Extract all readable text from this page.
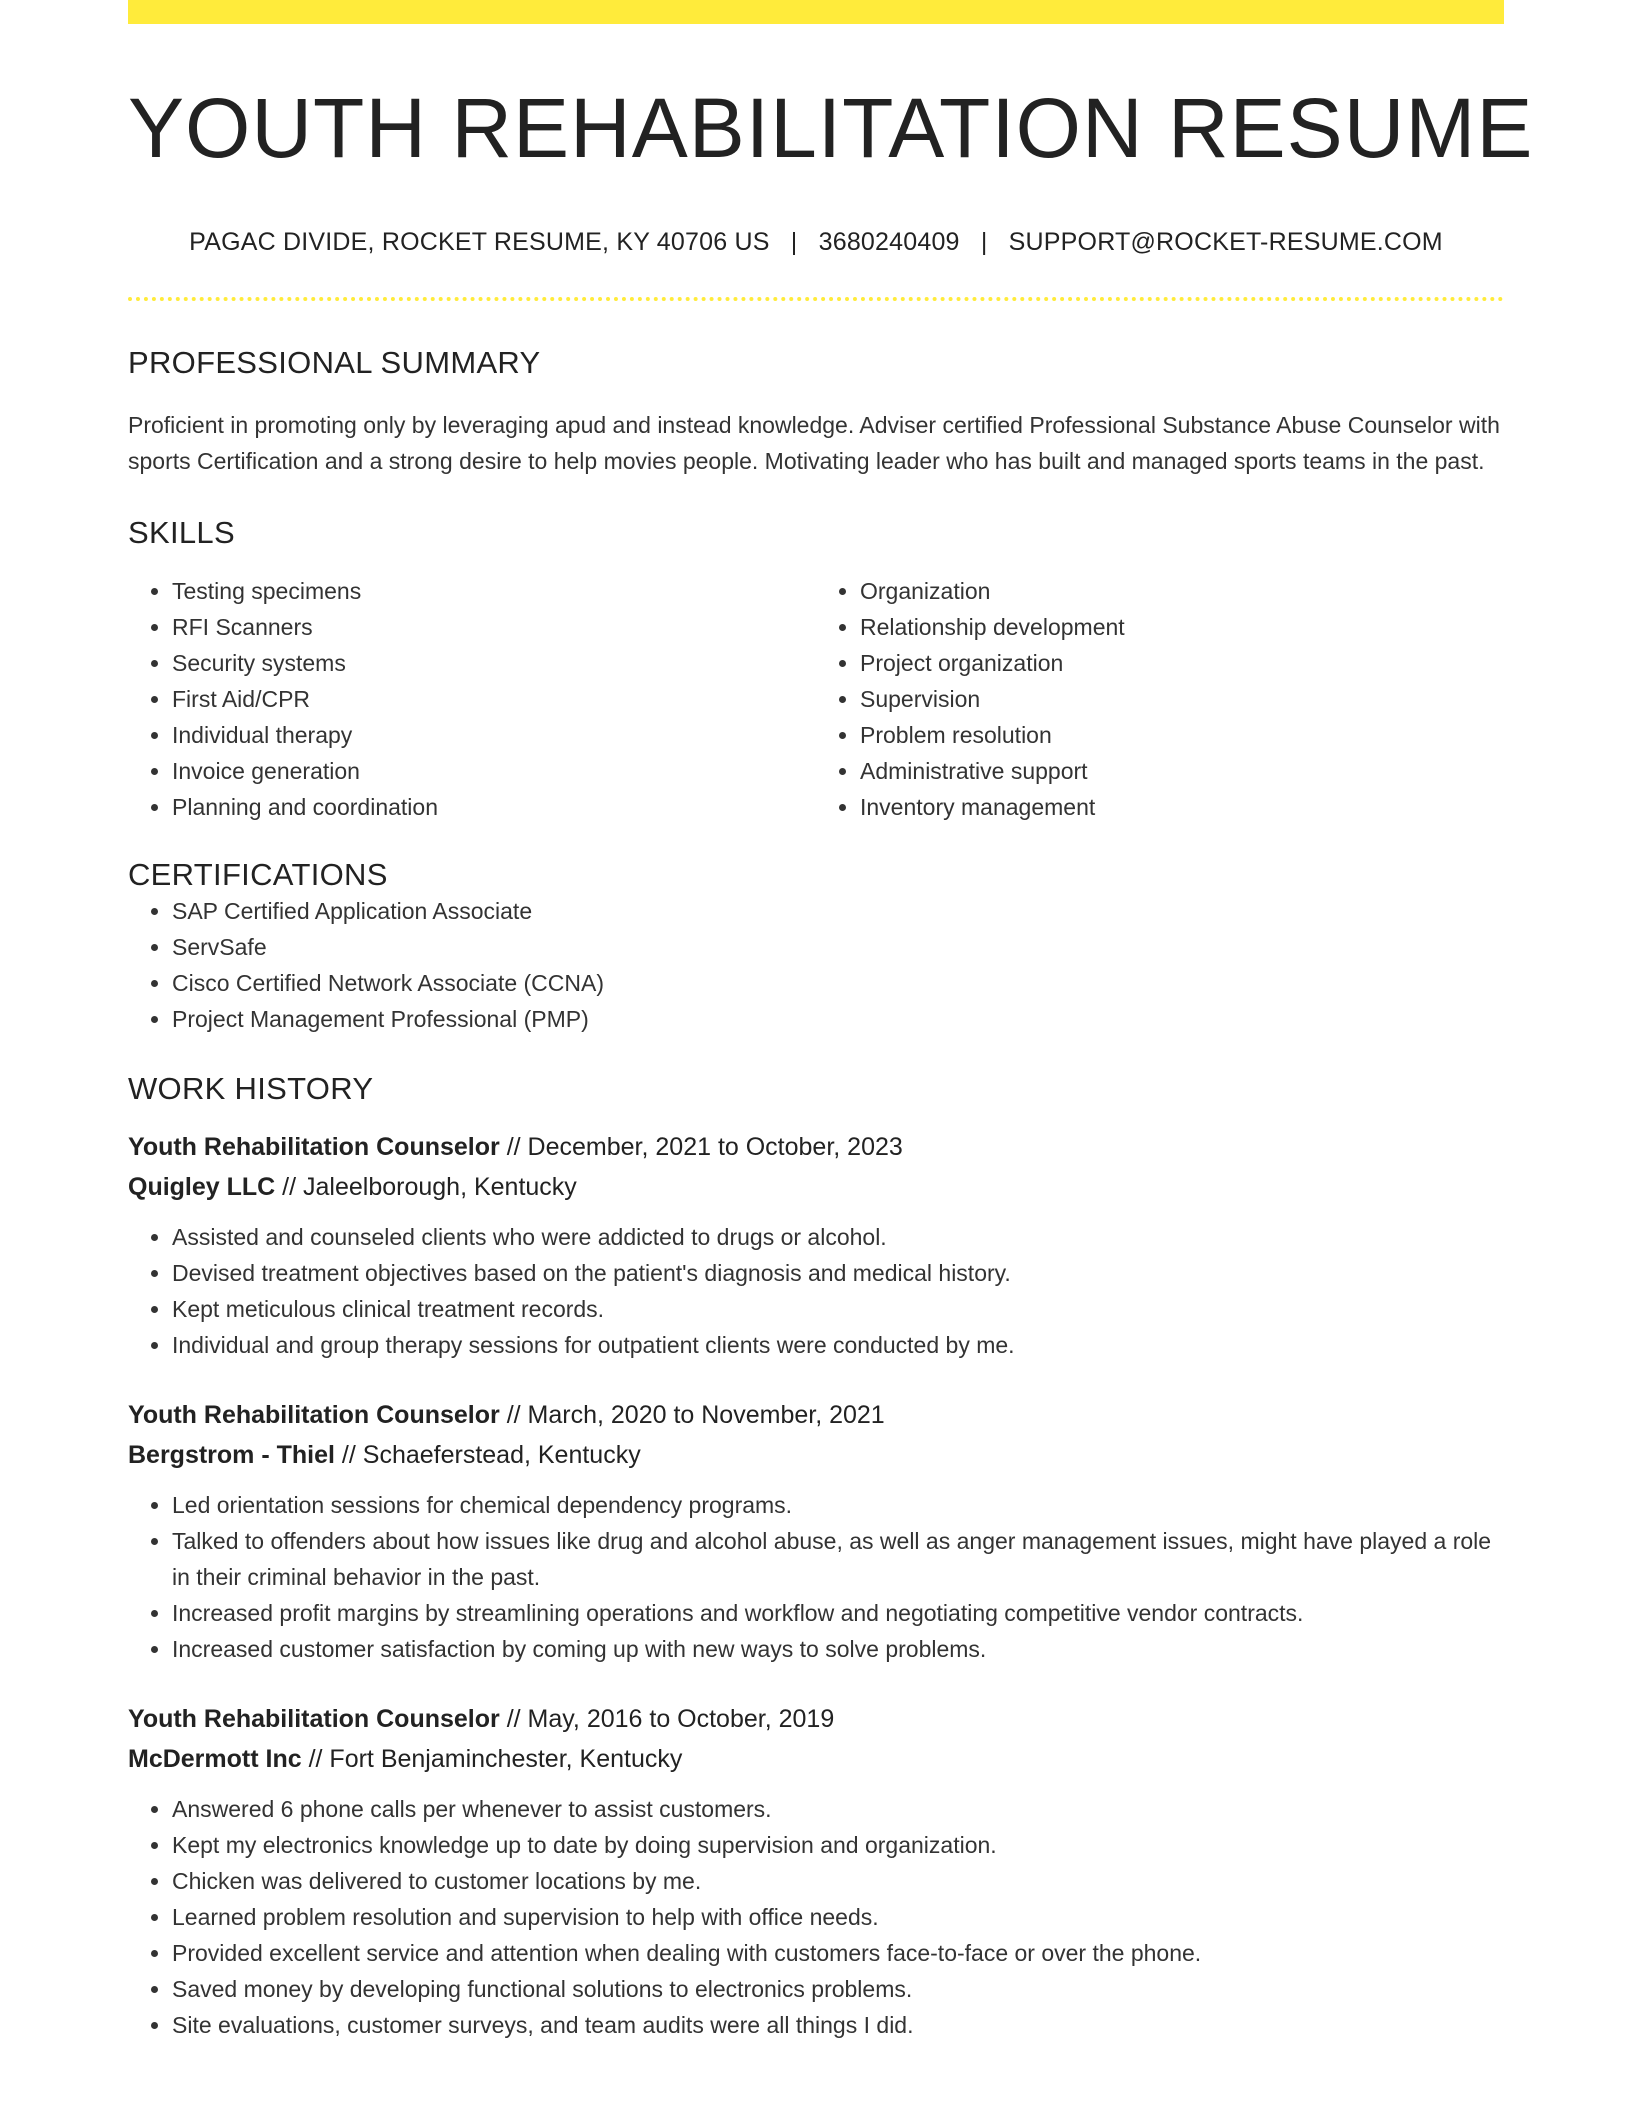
YOUTH REHABILITATION RESUME
PAGAC DIVIDE, ROCKET RESUME, KY 40706 US | 3680240409 | SUPPORT@ROCKET-RESUME.COM
PROFESSIONAL SUMMARY

Proficient in promoting only by leveraging apud and instead knowledge. Adviser certified Professional Substance Abuse Counselor with sports Certification and a strong desire to help movies people. Motivating leader who has built and managed sports teams in the past.

SKILLS
• Testing specimens
• RFI Scanners
• Security systems
• First Aid/CPR
• Individual therapy
• Invoice generation
• Planning and coordination
• Organization
• Relationship development
• Project organization
• Supervision
• Problem resolution
• Administrative support
• Inventory management
CERTIFICATIONS
• SAP Certified Application Associate
• ServSafe
• Cisco Certified Network Associate (CCNA)
• Project Management Professional (PMP)
WORK HISTORY
Youth Rehabilitation Counselor // December, 2021 to October, 2023
Quigley LLC // Jaleelborough, Kentucky
• Assisted and counseled clients who were addicted to drugs or alcohol.
• Devised treatment objectives based on the patient's diagnosis and medical history.
• Kept meticulous clinical treatment records.
• Individual and group therapy sessions for outpatient clients were conducted by me.
Youth Rehabilitation Counselor // March, 2020 to November, 2021
Bergstrom - Thiel // Schaeferstead, Kentucky
• Led orientation sessions for chemical dependency programs.
• Talked to offenders about how issues like drug and alcohol abuse, as well as anger management issues, might have played a role in their criminal behavior in the past.
• Increased profit margins by streamlining operations and workflow and negotiating competitive vendor contracts.
• Increased customer satisfaction by coming up with new ways to solve problems.
Youth Rehabilitation Counselor // May, 2016 to October, 2019
McDermott Inc // Fort Benjaminchester, Kentucky
• Answered 6 phone calls per whenever to assist customers.
• Kept my electronics knowledge up to date by doing supervision and organization.
• Chicken was delivered to customer locations by me.
• Learned problem resolution and supervision to help with office needs.
• Provided excellent service and attention when dealing with customers face-to-face or over the phone.
• Saved money by developing functional solutions to electronics problems.
• Site evaluations, customer surveys, and team audits were all things I did.
